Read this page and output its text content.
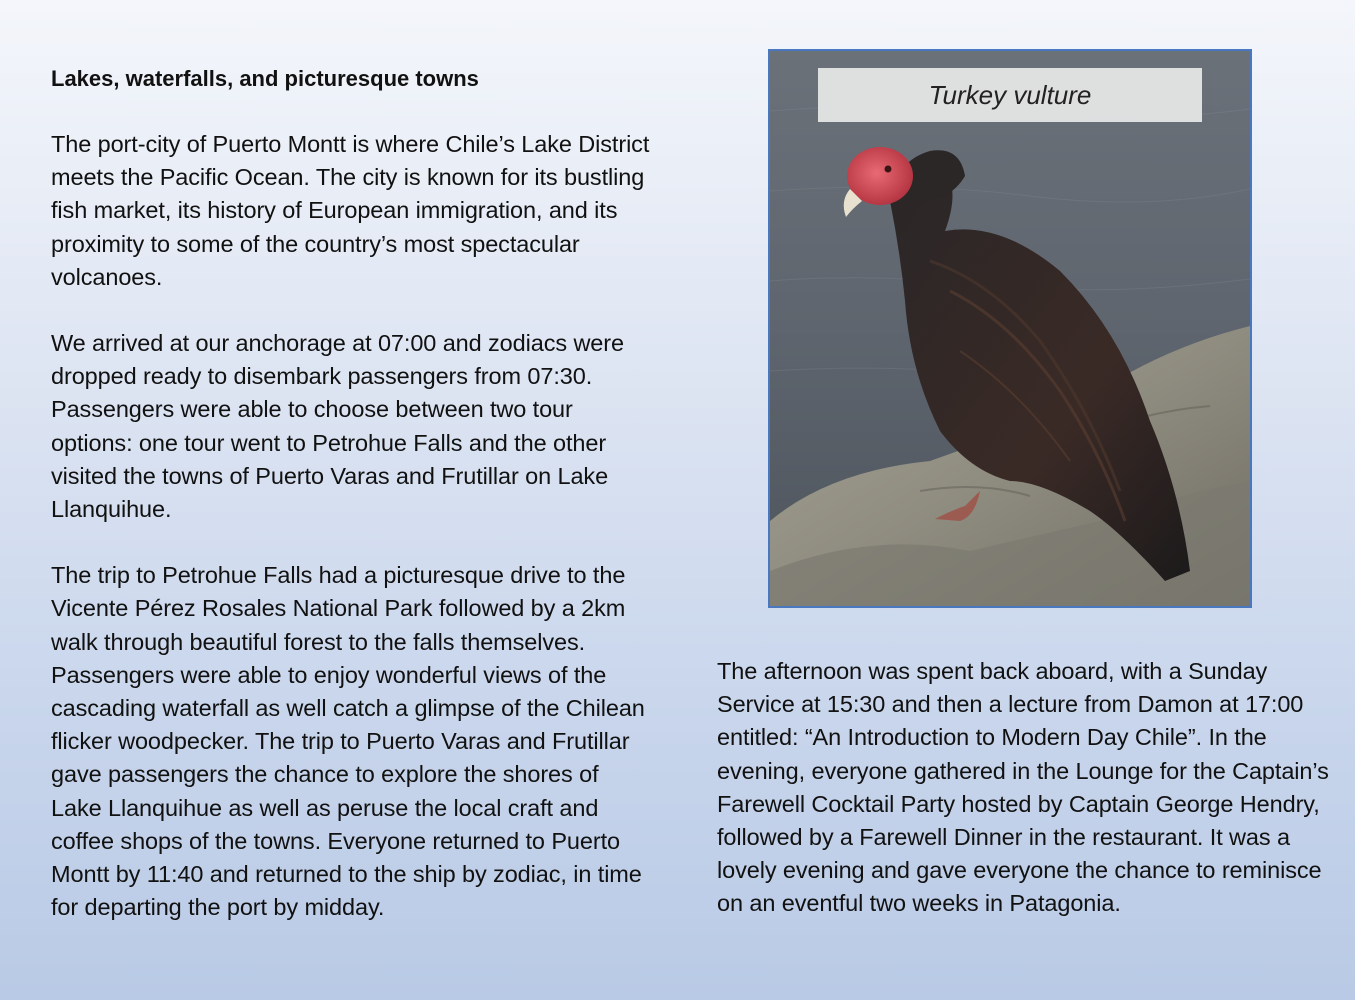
Lakes, waterfalls, and picturesque towns

The port-city of Puerto Montt is where Chile’s Lake District meets the Pacific Ocean. The city is known for its bustling fish market, its history of European immigration, and its proximity to some of the country’s most spectacular volcanoes.

We arrived at our anchorage at 07:00 and zodiacs were dropped ready to disembark passengers from 07:30. Passengers were able to choose between two tour options: one tour went to Petrohue Falls and the other visited the towns of Puerto Varas and Frutillar on Lake Llanquihue.

The trip to Petrohue Falls had a picturesque drive to the Vicente Pérez Rosales National Park followed by a 2km walk through beautiful forest to the falls themselves. Passengers were able to enjoy wonderful views of the cascading waterfall as well catch a glimpse of the Chilean flicker woodpecker. The trip to Puerto Varas and Frutillar gave passengers the chance to explore the shores of Lake Llanquihue as well as peruse the local craft and coffee shops of the towns. Everyone returned to Puerto Montt by 11:40 and returned to the ship by zodiac, in time for departing the port by midday.

Turkey vulture

The afternoon was spent back aboard, with a Sunday Service at 15:30 and then a lecture from Damon at 17:00 entitled: “An Introduction to Modern Day Chile”. In the evening, everyone gathered in the Lounge for the Captain’s Farewell Cocktail Party hosted by Captain George Hendry, followed by a Farewell Dinner in the restaurant. It was a lovely evening and gave everyone the chance to reminisce on an eventful two weeks in Patagonia.
